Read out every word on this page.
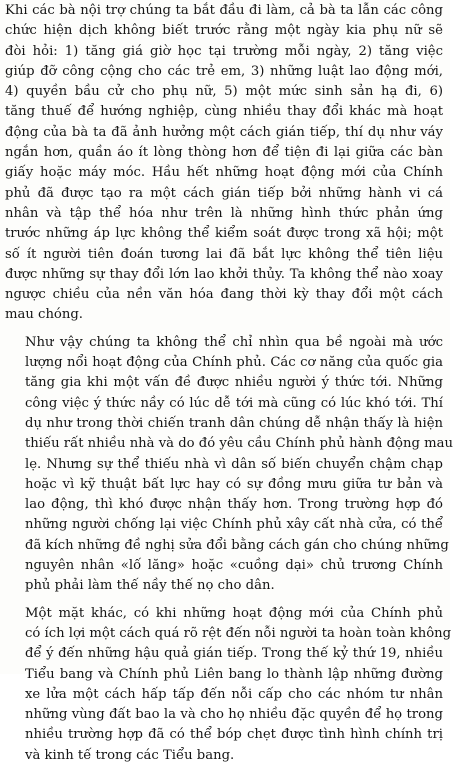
Khi các bà nội trợ chúng ta bắt đầu đi làm, cả bà ta lẫn các công
chức hiện dịch không biết trước rằng một ngày kia phụ nữ sẽ
đòi hỏi: 1) tăng giá giờ học tại trường mỗi ngày, 2) tăng việc
giúp đỡ công cộng cho các trẻ em, 3) những luật lao động mới,
4) quyền bầu cử cho phụ nữ, 5) một mức sinh sản hạ đi, 6)
tăng thuế để hướng nghiệp, cùng nhiều thay đổi khác mà hoạt
động của bà ta đã ảnh hưởng một cách gián tiếp, thí dụ như váy
ngắn hơn, quần áo ít lòng thòng hơn để tiện đi lại giữa các bàn
giấy hoặc máy móc. Hầu hết những hoạt động mới của Chính
phủ đã được tạo ra một cách gián tiếp bởi những hành vi cá
nhân và tập thể hóa như trên là những hình thức phản ứng
trước những áp lực không thể kiểm soát được trong xã hội; một
số ít người tiên đoán tương lai đã bắt lực không thể tiên liệu
được những sự thay đổi lớn lao khởi thủy. Ta không thể nào xoay
ngược chiều của nền văn hóa đang thời kỳ thay đổi một cách
mau chóng.

Như vậy chúng ta không thể chỉ nhìn qua bề ngoài mà ước
lượng nổi hoạt động của Chính phủ. Các cơ năng của quốc gia
tăng gia khi một vấn đề được nhiều người ý thức tới. Những
công việc ý thức nầy có lúc dễ tới mà cũng có lúc khó tới. Thí
dụ như trong thời chiến tranh dân chúng dễ nhận thấy là hiện
thiếu rất nhiều nhà và do đó yêu cầu Chính phủ hành động mau
lẹ. Nhưng sự thể thiếu nhà vì dân số biến chuyển chậm chạp
hoặc vì kỹ thuật bất lực hay có sự đồng mưu giữa tư bản và
lao động, thì khó được nhận thấy hơn. Trong trường hợp đó
những người chống lại việc Chính phủ xây cất nhà cửa, có thể
đã kích những đề nghị sửa đổi bằng cách gán cho chúng những
nguyên nhân «lố lăng» hoặc «cuồng dại» chủ trương Chính
phủ phải làm thế nầy thế nọ cho dân.

Một mặt khác, có khi những hoạt động mới của Chính phủ
có ích lợi một cách quá rõ rệt đến nỗi người ta hoàn toàn không
để ý đến những hậu quả gián tiếp. Trong thế kỷ thứ 19, nhiều
Tiểu bang và Chính phủ Liên bang lo thành lập những đường
xe lửa một cách hấp tấp đến nỗi cấp cho các nhóm tư nhân
những vùng đất bao la và cho họ nhiều đặc quyền để họ trong
nhiều trường hợp đã có thể bóp chẹt được tình hình chính trị
và kinh tế trong các Tiểu bang.
